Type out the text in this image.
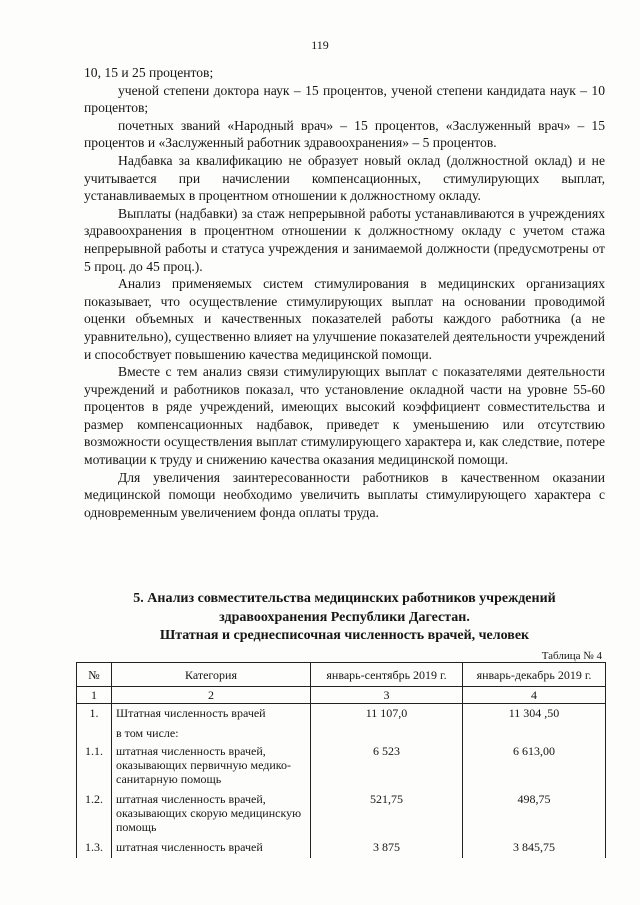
119

10, 15 и 25 процентов;

ученой степени доктора наук – 15 процентов, ученой степени кандидата наук – 10 процентов;

почетных званий «Народный врач» – 15 процентов, «Заслуженный врач» – 15 процентов и «Заслуженный работник здравоохранения» – 5 процентов.

Надбавка за квалификацию не образует новый оклад (должностной оклад) и не учитывается при начислении компенсационных, стимулирующих выплат, устанавливаемых в процентном отношении к должностному окладу.

Выплаты (надбавки) за стаж непрерывной работы устанавливаются в учреждениях здравоохранения в процентном отношении к должностному окладу с учетом стажа непрерывной работы и статуса учреждения и занимаемой должности (предусмотрены от 5 проц. до 45 проц.).

Анализ применяемых систем стимулирования в медицинских организациях показывает, что осуществление стимулирующих выплат на основании проводимой оценки объемных и качественных показателей работы каждого работника (а не уравнительно), существенно влияет на улучшение показателей деятельности учреждений и способствует повышению качества медицинской помощи.

Вместе с тем анализ связи стимулирующих выплат с показателями деятельности учреждений и работников показал, что установление окладной части на уровне 55-60 процентов в ряде учреждений, имеющих высокий коэффициент совместительства и размер компенсационных надбавок, приведет к уменьшению или отсутствию возможности осуществления выплат стимулирующего характера и, как следствие, потере мотивации к труду и снижению качества оказания медицинской помощи.

Для увеличения заинтересованности работников в качественном оказании медицинской помощи необходимо увеличить выплаты стимулирующего характера с одновременным увеличением фонда оплаты труда.

5. Анализ совместительства медицинских работников учреждений
здравоохранения Республики Дагестан.
Штатная и среднесписочная численность врачей, человек
Таблица № 4
№	Категория	январь-сентябрь 2019 г.	январь-декабрь 2019 г.
1	2	3	4
1.	Штатная численность врачей	11 107,0	11 304 ,50
	в том числе:		
1.1.	штатная численность врачей, оказывающих первичную медико-санитарную помощь	6 523	6 613,00
1.2.	штатная численность врачей, оказывающих скорую медицинскую помощь	521,75	498,75
1.3.	штатная численность врачей	3 875	3 845,75
